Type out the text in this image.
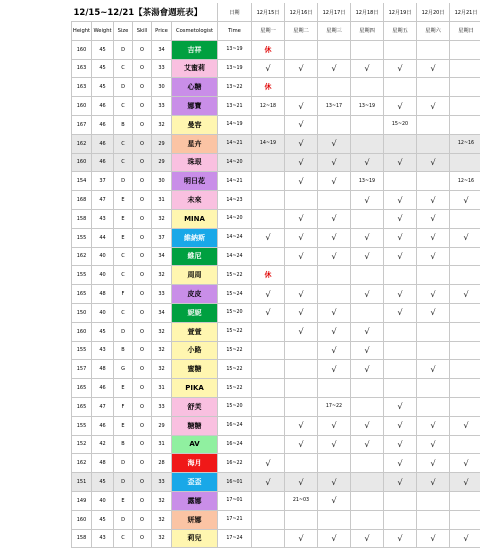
12/15~12/21【茶湯會週班表】						日期	12月15日	12月16日	12月17日	12月18日	12月19日	12月20日	12月21日
Height	Weight	Size	Skill	Price	Cosmetologist	Time	星期一	星期二	星期三	星期四	星期五	星期六	星期日
160	45	D	O	34	吉祥	13~19	休						
163	45	C	O	33	艾蜜莉	13~19	√	√	√	√	√	√	
163	45	D	O	30	心糖	13~22	休						
160	46	C	O	33	娜寶	13~21	12~18	√	13~17	13~19	√	√	
167	46	B	O	32	曼容	14~19		√			15~20		
162	46	C	O	29	星卉	14~21	14~19	√	√				12~16
160	46	C	O	29	珠珢	14~20		√	√	√	√	√	
154	37	D	O	30	明日花	14~21		√	√	13~19			12~16
168	47	E	O	31	未來	14~23				√	√	√	√
158	43	E	O	32	MINA	14~20		√	√		√	√	
155	44	E	O	37	維納斯	14~24	√	√	√	√	√	√	√
162	40	C	O	34	維尼	14~24		√	√	√	√	√	
155	40	C	O	32	周周	15~22	休						
165	48	F	O	33	皮皮	15~24	√	√		√	√	√	√
150	40	C	O	34	妮妮	15~20	√	√	√		√	√	
160	45	D	O	32	萱萱	15~22		√	√	√			
155	43	B	O	32	小路	15~22			√	√			
157	48	G	O	32	蜜糖	15~22			√	√		√	
165	46	E	O	31	PIKA	15~22							
165	47	F	O	33	舒芙	15~20			17~22		√		
155	46	E	O	29	糖糖	16~24		√	√	√	√	√	√
152	42	B	O	31	AV	16~24		√	√	√	√	√	
162	48	D	O	28	海月	16~22	√				√	√	√
151	45	D	O	33	歪歪	16~01	√	√	√		√	√	√
149	40	E	O	32	露娜	17~01		21~03	√				
160	45	D	O	32	妍娜	17~21							
158	43	C	O	32	莉兒	17~24		√	√	√	√	√	√
